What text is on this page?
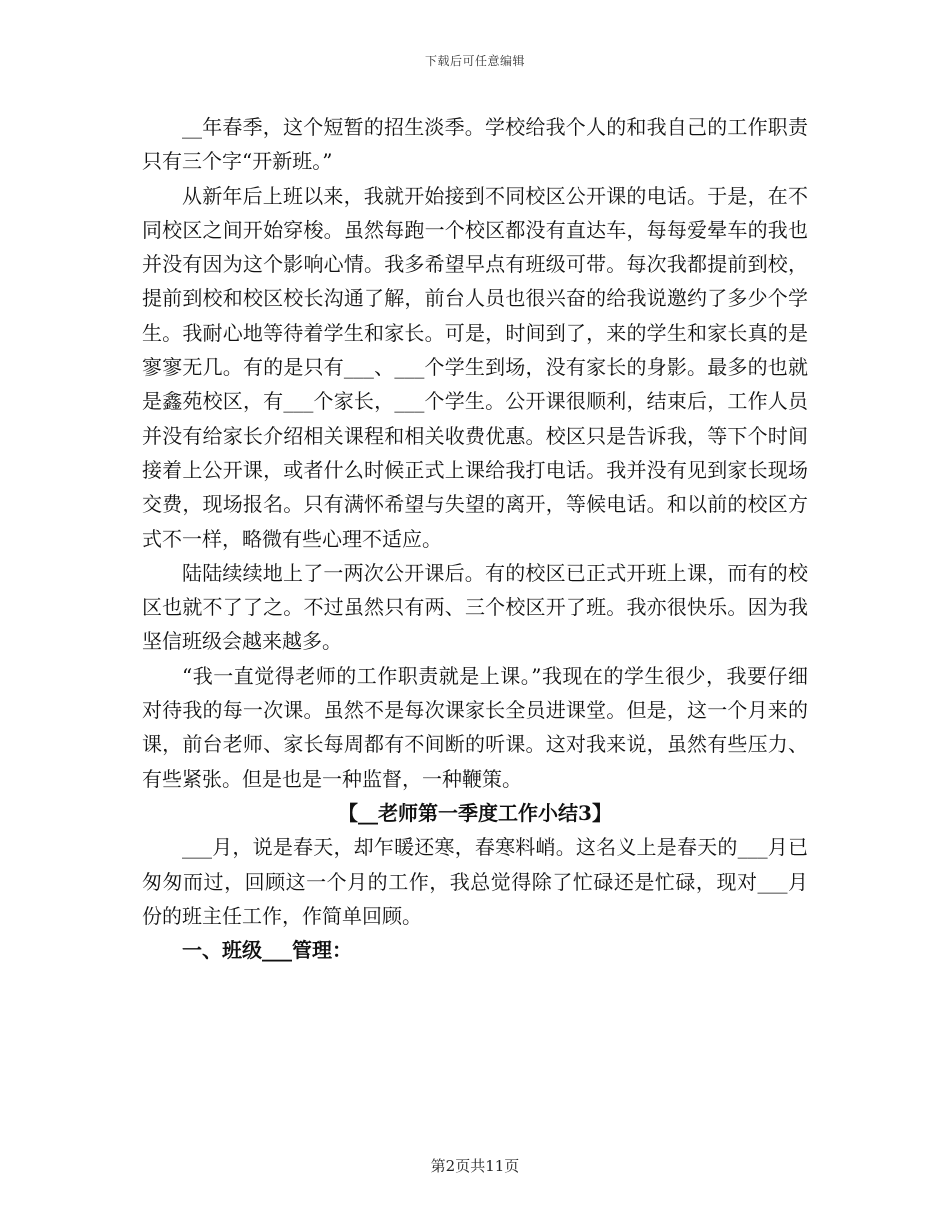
下载后可任意编辑

__年春季，这个短暂的招生淡季。学校给我个人的和我自己的工作职责只有三个字“开新班。”

从新年后上班以来，我就开始接到不同校区公开课的电话。于是，在不同校区之间开始穿梭。虽然每跑一个校区都没有直达车，每每爱晕车的我也并没有因为这个影响心情。我多希望早点有班级可带。每次我都提前到校，提前到校和校区校长沟通了解，前台人员也很兴奋的给我说邀约了多少个学生。我耐心地等待着学生和家长。可是，时间到了，来的学生和家长真的是寥寥无几。有的是只有___、___个学生到场，没有家长的身影。最多的也就是鑫苑校区，有___个家长，___个学生。公开课很顺利，结束后，工作人员并没有给家长介绍相关课程和相关收费优惠。校区只是告诉我，等下个时间接着上公开课，或者什么时候正式上课给我打电话。我并没有见到家长现场交费，现场报名。只有满怀希望与失望的离开，等候电话。和以前的校区方式不一样，略微有些心理不适应。

陆陆续续地上了一两次公开课后。有的校区已正式开班上课，而有的校区也就不了了之。不过虽然只有两、三个校区开了班。我亦很快乐。因为我坚信班级会越来越多。

“我一直觉得老师的工作职责就是上课。”我现在的学生很少，我要仔细对待我的每一次课。虽然不是每次课家长全员进课堂。但是，这一个月来的课，前台老师、家长每周都有不间断的听课。这对我来说，虽然有些压力、有些紧张。但是也是一种监督，一种鞭策。

【__老师第一季度工作小结3】

___月，说是春天，却乍暖还寒，春寒料峭。这名义上是春天的___月已匆匆而过，回顾这一个月的工作，我总觉得除了忙碌还是忙碌，现对___月份的班主任工作，作简单回顾。

一、班级___管理：

第2页共11页
